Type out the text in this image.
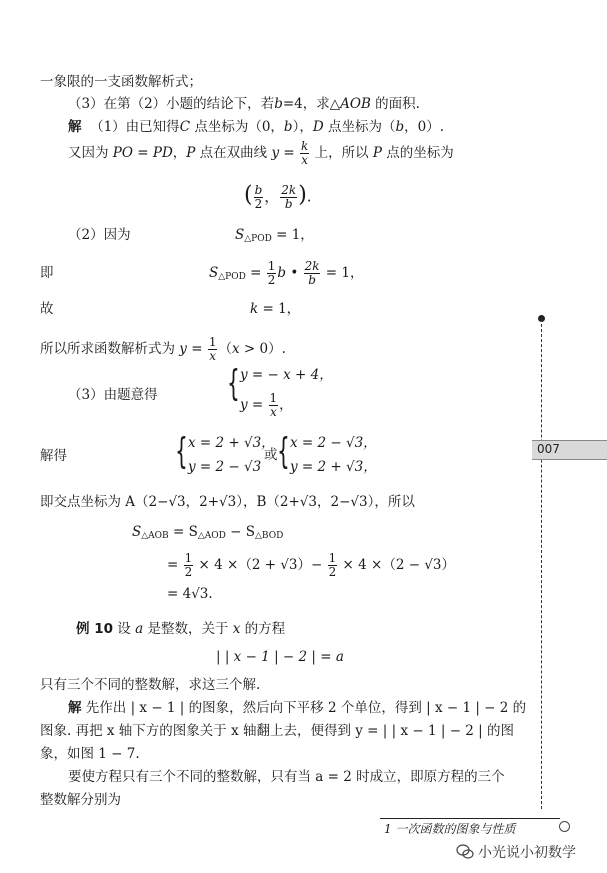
一象限的一支函数解析式；
（3）在第（2）小题的结论下，若b=4，求△AOB 的面积.
解 （1）由已知得C 点坐标为（0，b），D 点坐标为（b，0）.
又因为 PO = PD，P 点在双曲线 $y = \frac{k}{x}$ 上，所以 P 点的坐标为
( $\frac{b}{2}$ ， $\frac{2k}{b}$ ).
（2）因为	$S_{\triangle POD} = 1$，
即	$S_{\triangle POD} = \frac{1}{2}$ b • $\frac{2k}{b} = 1$，
故	k = 1，
所以所求函数解析式为 $y = \frac{1}{x} (x > 0)$.
（3）由题意得 { y = − x + 4，
$y = \frac{1}{x}$ ，
解得	{ x = 2 + √3，
y = 2 − √3
或 { x = 2 − √3，
y = 2 + √3，
即交点坐标为 A（2−√3，2+√3），B（2+√3，2−√3），所以
$S_{\triangle AOB} = S_{\triangle AOD} - S_{\triangle BOD}$
= $\frac{1}{2} \times 4 \times(2 + √3)- \frac{1}{2} \times 4 \times(2 - √3)$
= 4√3.
例 10 设 a 是整数，关于 x 的方程
| | x − 1 | − 2 | = a
只有三个不同的整数解，求这三个解.
解 先作出 | x − 1 | 的图象，然后向下平移 2 个单位，得到 | x − 1 | − 2 的
图象. 再把 x 轴下方的图象关于 x 轴翻上去，便得到 y = | | x − 1 | − 2 | 的图
象，如图 1 − 7.
要使方程只有三个不同的整数解，只有当 a = 2 时成立，即原方程的三个
整数解分别为
007
1 一次函数的图象与性质
小光说小初数学
